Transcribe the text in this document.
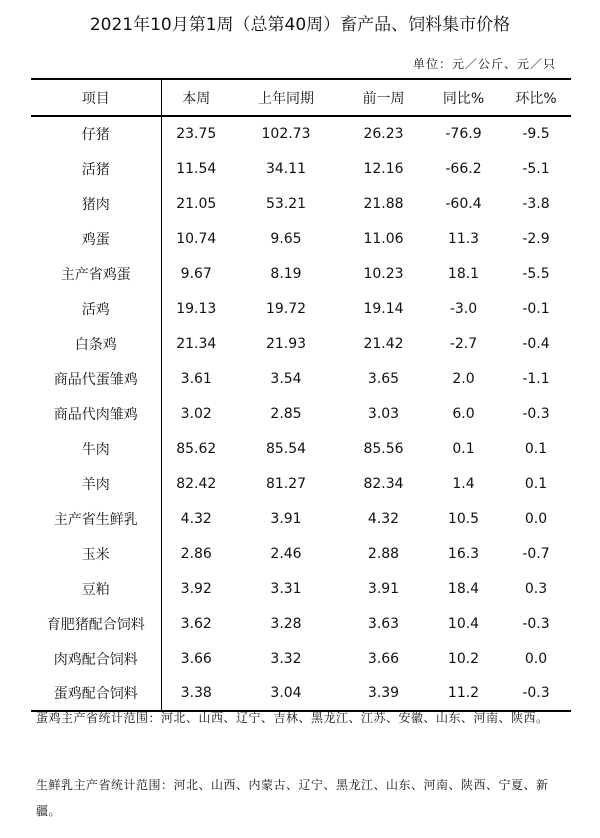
2021年10月第1周（总第40周）畜产品、饲料集市价格
单位：元／公斤、元／只
项目	本周	上年同期	前一周	同比%	环比%
仔猪	23.75	102.73	26.23	-76.9	-9.5
活猪	11.54	34.11	12.16	-66.2	-5.1
猪肉	21.05	53.21	21.88	-60.4	-3.8
鸡蛋	10.74	9.65	11.06	11.3	-2.9
主产省鸡蛋	9.67	8.19	10.23	18.1	-5.5
活鸡	19.13	19.72	19.14	-3.0	-0.1
白条鸡	21.34	21.93	21.42	-2.7	-0.4
商品代蛋雏鸡	3.61	3.54	3.65	2.0	-1.1
商品代肉雏鸡	3.02	2.85	3.03	6.0	-0.3
牛肉	85.62	85.54	85.56	0.1	0.1
羊肉	82.42	81.27	82.34	1.4	0.1
主产省生鲜乳	4.32	3.91	4.32	10.5	0.0
玉米	2.86	2.46	2.88	16.3	-0.7
豆粕	3.92	3.31	3.91	18.4	0.3
育肥猪配合饲料	3.62	3.28	3.63	10.4	-0.3
肉鸡配合饲料	3.66	3.32	3.66	10.2	0.0
蛋鸡配合饲料	3.38	3.04	3.39	11.2	-0.3
蛋鸡主产省统计范围：河北、山西、辽宁、吉林、黑龙江、江苏、安徽、山东、河南、陕西。
生鲜乳主产省统计范围：河北、山西、内蒙古、辽宁、黑龙江、山东、河南、陕西、宁夏、新疆。
